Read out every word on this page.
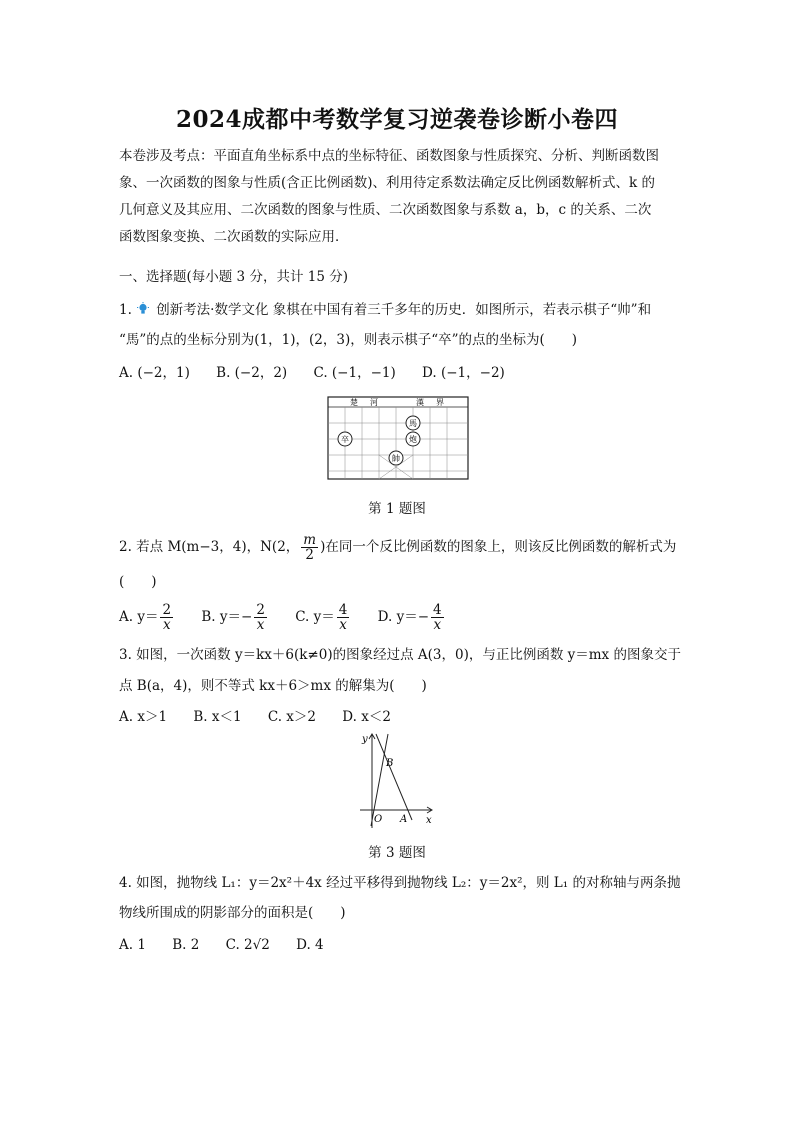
2024成都中考数学复习逆袭卷诊断小卷四
本卷涉及考点：平面直角坐标系中点的坐标特征、函数图象与性质探究、分析、判断函数图
象、一次函数的图象与性质(含正比例函数)、利用待定系数法确定反比例函数解析式、k 的
几何意义及其应用、二次函数的图象与性质、二次函数图象与系数 a，b，c 的关系、二次
函数图象变换、二次函数的实际应用．
一、选择题(每小题 3 分，共计 15 分)
1. 创新考法·数学文化 象棋在中国有着三千多年的历史．如图所示，若表示棋子“帅”和
“馬”的点的坐标分别为(1，1)，(2，3)，则表示棋子“卒”的点的坐标为(　　)
A. (−2，1) B. (−2，2) C. (−1，−1) D. (−1，−2)
楚 河	漢 界
卒
馬
炮
帥
第 1 题图
2. 若点 M(m−3，4)，N(2， $\frac{m}{2}$ )在同一个反比例函数的图象上，则该反比例函数的解析式为
(　　)
A. $y= \frac{2}{x} B$. $y=- \frac{2}{x} C$. $y= \frac{4}{x} D$. $y=- \frac{4}{x}$
3. 如图，一次函数 y＝kx＋6(k≠0)的图象经过点 A(3，0)，与正比例函数 y＝mx 的图象交于
点 B(a，4)，则不等式 kx＋6＞mx 的解集为(　　)
A. x＞1 B. x＜1 C. x＞2 D. x＜2
y
x
O A
B
第 3 题图
4. 如图，抛物线 L₁：y＝2x²＋4x 经过平移得到抛物线 L₂：y＝2x²，则 L₁ 的对称轴与两条抛
物线所围成的阴影部分的面积是(　　)
A. 1 B. 2 C. 2√2 D. 4
